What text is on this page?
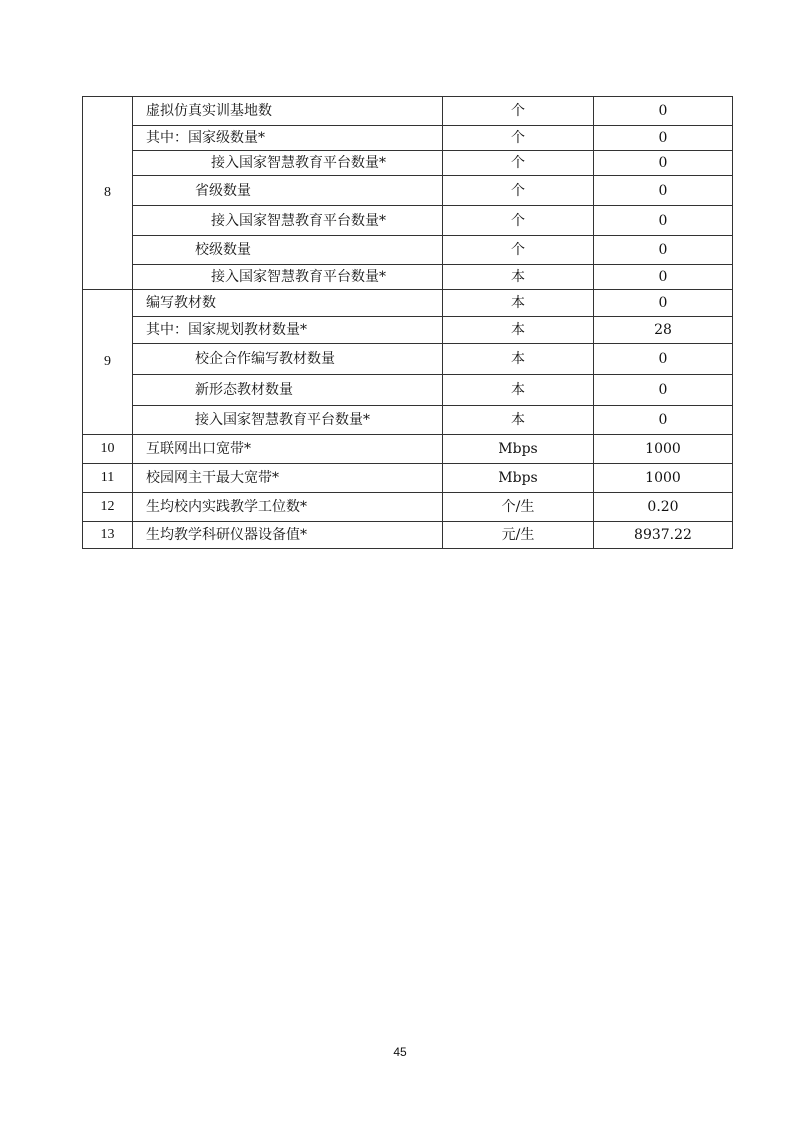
8	虚拟仿真实训基地数	个	0
	其中：国家级数量*	个	0
	接入国家智慧教育平台数量*	个	0
	省级数量	个	0
	接入国家智慧教育平台数量*	个	0
	校级数量	个	0
	接入国家智慧教育平台数量*	本	0
9	编写教材数	本	0
	其中：国家规划教材数量*	本	28
	校企合作编写教材数量	本	0
	新形态教材数量	本	0
	接入国家智慧教育平台数量*	本	0
10	互联网出口宽带*	Mbps	1000
11	校园网主干最大宽带*	Mbps	1000
12	生均校内实践教学工位数*	个/生	0.20
13	生均教学科研仪器设备值*	元/生	8937.22
45
